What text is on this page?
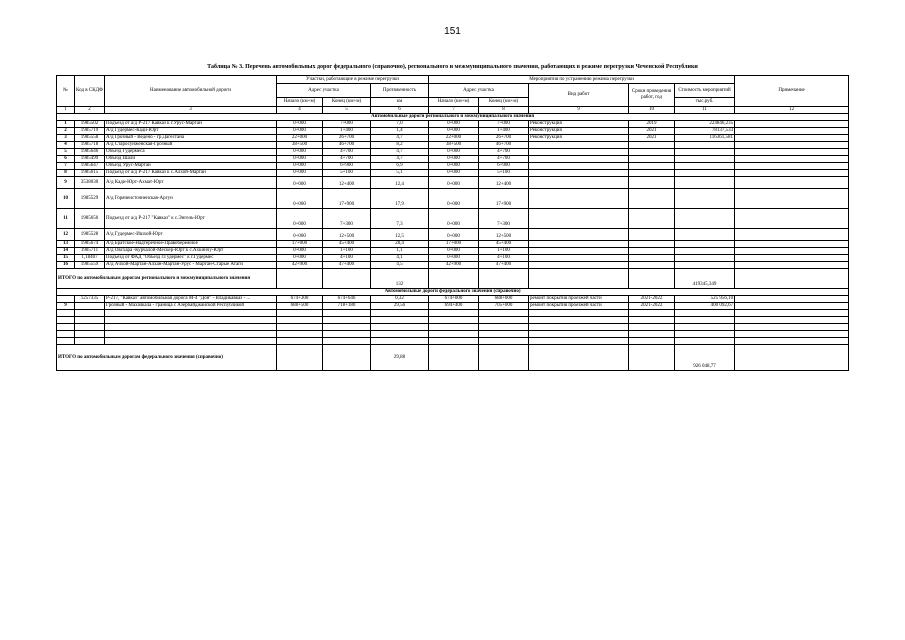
151
Таблица № 3. Перечень автомобильных дорог федерального (справочно), регионального и межмуниципального значения, работающих в режиме перегрузки Чеченской Республики
№	Код в СКДФ	Наименование автомобильной дороги	Участки, работающие в режиме перегрузки			Мероприятия по устранению режима перегрузки					Примечание
			Адрес участка		Протяженность	Адрес участка		Вид работ	Сроки проведения работ, год	Стоимость мероприятий	
			Начало (км+м)	Конец (км+м)	км	Начало (км+м)	Конец (км+м)			тыс.руб.	
1	2	3	4	5	6	7	8	9	10	11	12
Автомобильные дороги регионального и межмуниципального значения											
1	1985502	Подъезд от а/д Р-217 Кавказ к г.Урус-Мартан	0+000	7+000	7,0	0+000	7+000	Реконструкция	2019	224846,235	
2	1985719	А/д Гудермес-Кади-Юрт	0+000	1+400	1,4	0+000	1+400	Реконструкция	2021	78137,533	
3	1985558	А/д Грозный - Ведено - гр.Дагестана	22+000	26+700	4,7	22+000	26+700	Реконструкция	2021	116361,581	
4	1985718	А/д Старосунженская-Грозный	38+500	46+700	8,2	38+500	46+700				
5	1985646	Объезд Гудермеса	0+000	4+700	4,7	0+000	4+700				
6	1985499	Объезд Шали	0+000	4+700	4,7	0+000	4+700				
7	1985647	Объезд Урус-Мартан	0+000	6+900	6,9	0+000	6+900				
8	1985615	Подъезд от а/д Р-217 Кавказ к с.Алхой-Мартан	0+000	5+100	5,1	0+000	5+100				
9	3538030	А/д Кади-Юрт-Ахмат-Юрт	0+000	12+400	12,4	0+000	12+400				
10	1985529	А/д Горячеисточненская-Аргун	0+000	17+900	17,9	0+000	17+900				
11	1985650	Подъезд от а/д Р-217 "Кавказ" к с.Энгель-Юрт	0+000	7+300	7,3	0+000	7+300				
12	1985528	А/д Гудермес-Ишхой-Юрт	0+000	12+500	12,5	0+000	12+500				
13	1985674	А/д Братское-Надтеречное-Правобережное	17+000	45+400	28,4	17+000	45+400				
14	1985711	А/д Овсхара -Курчалой-Мескер-Юрт к с.Ахкинчу-Юрт	0+000	1+100	1,1	0+000	1+100				
15	1,18407	Подъезд от ФАД "Объезд г.Гудермес" к г.Гудермес	0+000	4+100	4,1	0+000	4+100				
16	1985559	А/д Ачхой-Мартан-Алхан-Мартан-Урус - Мартан-Старые Атаги	42+900	47+400	4,5	42+900	47+400				
ИТОГО по автомобильным дорогам регионального и межмуниципального значения					132					419345,349	
Автомобильные дороги федерального значения (справочно)											
	1257335	Р-217, "Кавказ" автомобильная дорога М-4 "Дон" - Владикавказ - ...	674+300	674+646	0,32	674+000	688+000	ремонт покрытия проезжей части	2021-2022	525 956,10	
9		Грозный - Махачкала - граница с Азербайджанской Республикой	688+500	718+180	29,56	694+400	705+000	ремонт покрытия проезжей части	2021-2022	400 092,67	

ИТОГО по автомобильным дорогам федерального значения (справочно)					29,88					926 048,77	
